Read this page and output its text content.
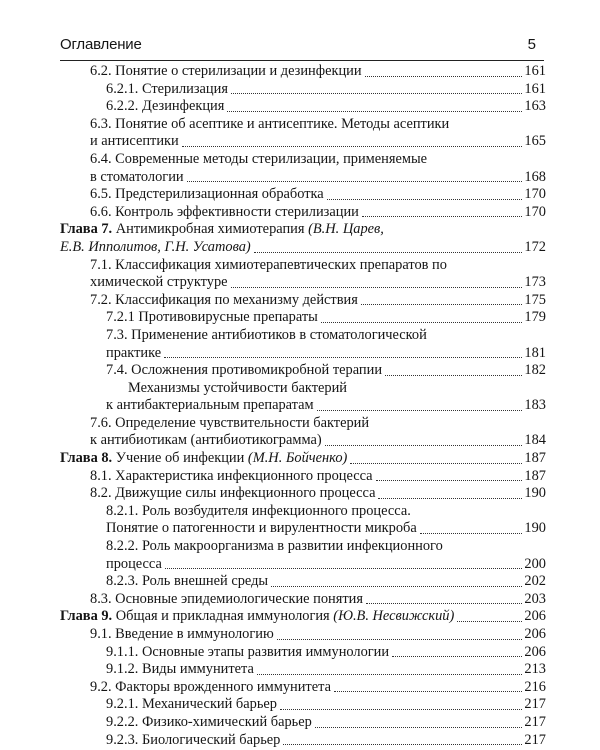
Оглавление	5
6.2. Понятие о стерилизации и дезинфекции	161
6.2.1. Стерилизация	161
6.2.2. Дезинфекция	163
6.3. Понятие об асептике и антисептике. Методы асептики
и антисептики	165
6.4. Современные методы стерилизации, применяемые
в стоматологии	168
6.5. Предстерилизационная обработка	170
6.6. Контроль эффективности стерилизации	170
Глава 7.
Антимикробная химиотерапия
(В.Н. Царев,
Е.В. Ипполитов, Г.Н. Усатова)	172
7.1. Классификация химиотерапевтических препаратов по
химической структуре	173
7.2. Классификация по механизму действия	175
7.2.1 Противовирусные препараты	179
7.3. Применение антибиотиков в стоматологической
практике	181
7.4. Осложнения противомикробной терапии	182
Механизмы устойчивости бактерий
к антибактериальным препаратам	183
7.6. Определение чувствительности бактерий
к антибиотикам (антибиотикограмма)	184
Глава 8.
Учение об инфекции
(М.Н. Бойченко)	187
8.1. Характеристика инфекционного процесса	187
8.2. Движущие силы инфекционного процесса	190
8.2.1. Роль возбудителя инфекционного процесса.
Понятие о патогенности и вирулентности микроба	190
8.2.2. Роль макроорганизма в развитии инфекционного
процесса	200
8.2.3. Роль внешней среды	202
8.3. Основные эпидемиологические понятия	203
Глава 9.
Общая и прикладная иммунология
(Ю.В. Несвижский)	206
9.1. Введение в иммунологию	206
9.1.1. Основные этапы развития иммунологии	206
9.1.2. Виды иммунитета	213
9.2. Факторы врожденного иммунитета	216
9.2.1. Механический барьер	217
9.2.2. Физико-химический барьер	217
9.2.3. Биологический барьер	217
